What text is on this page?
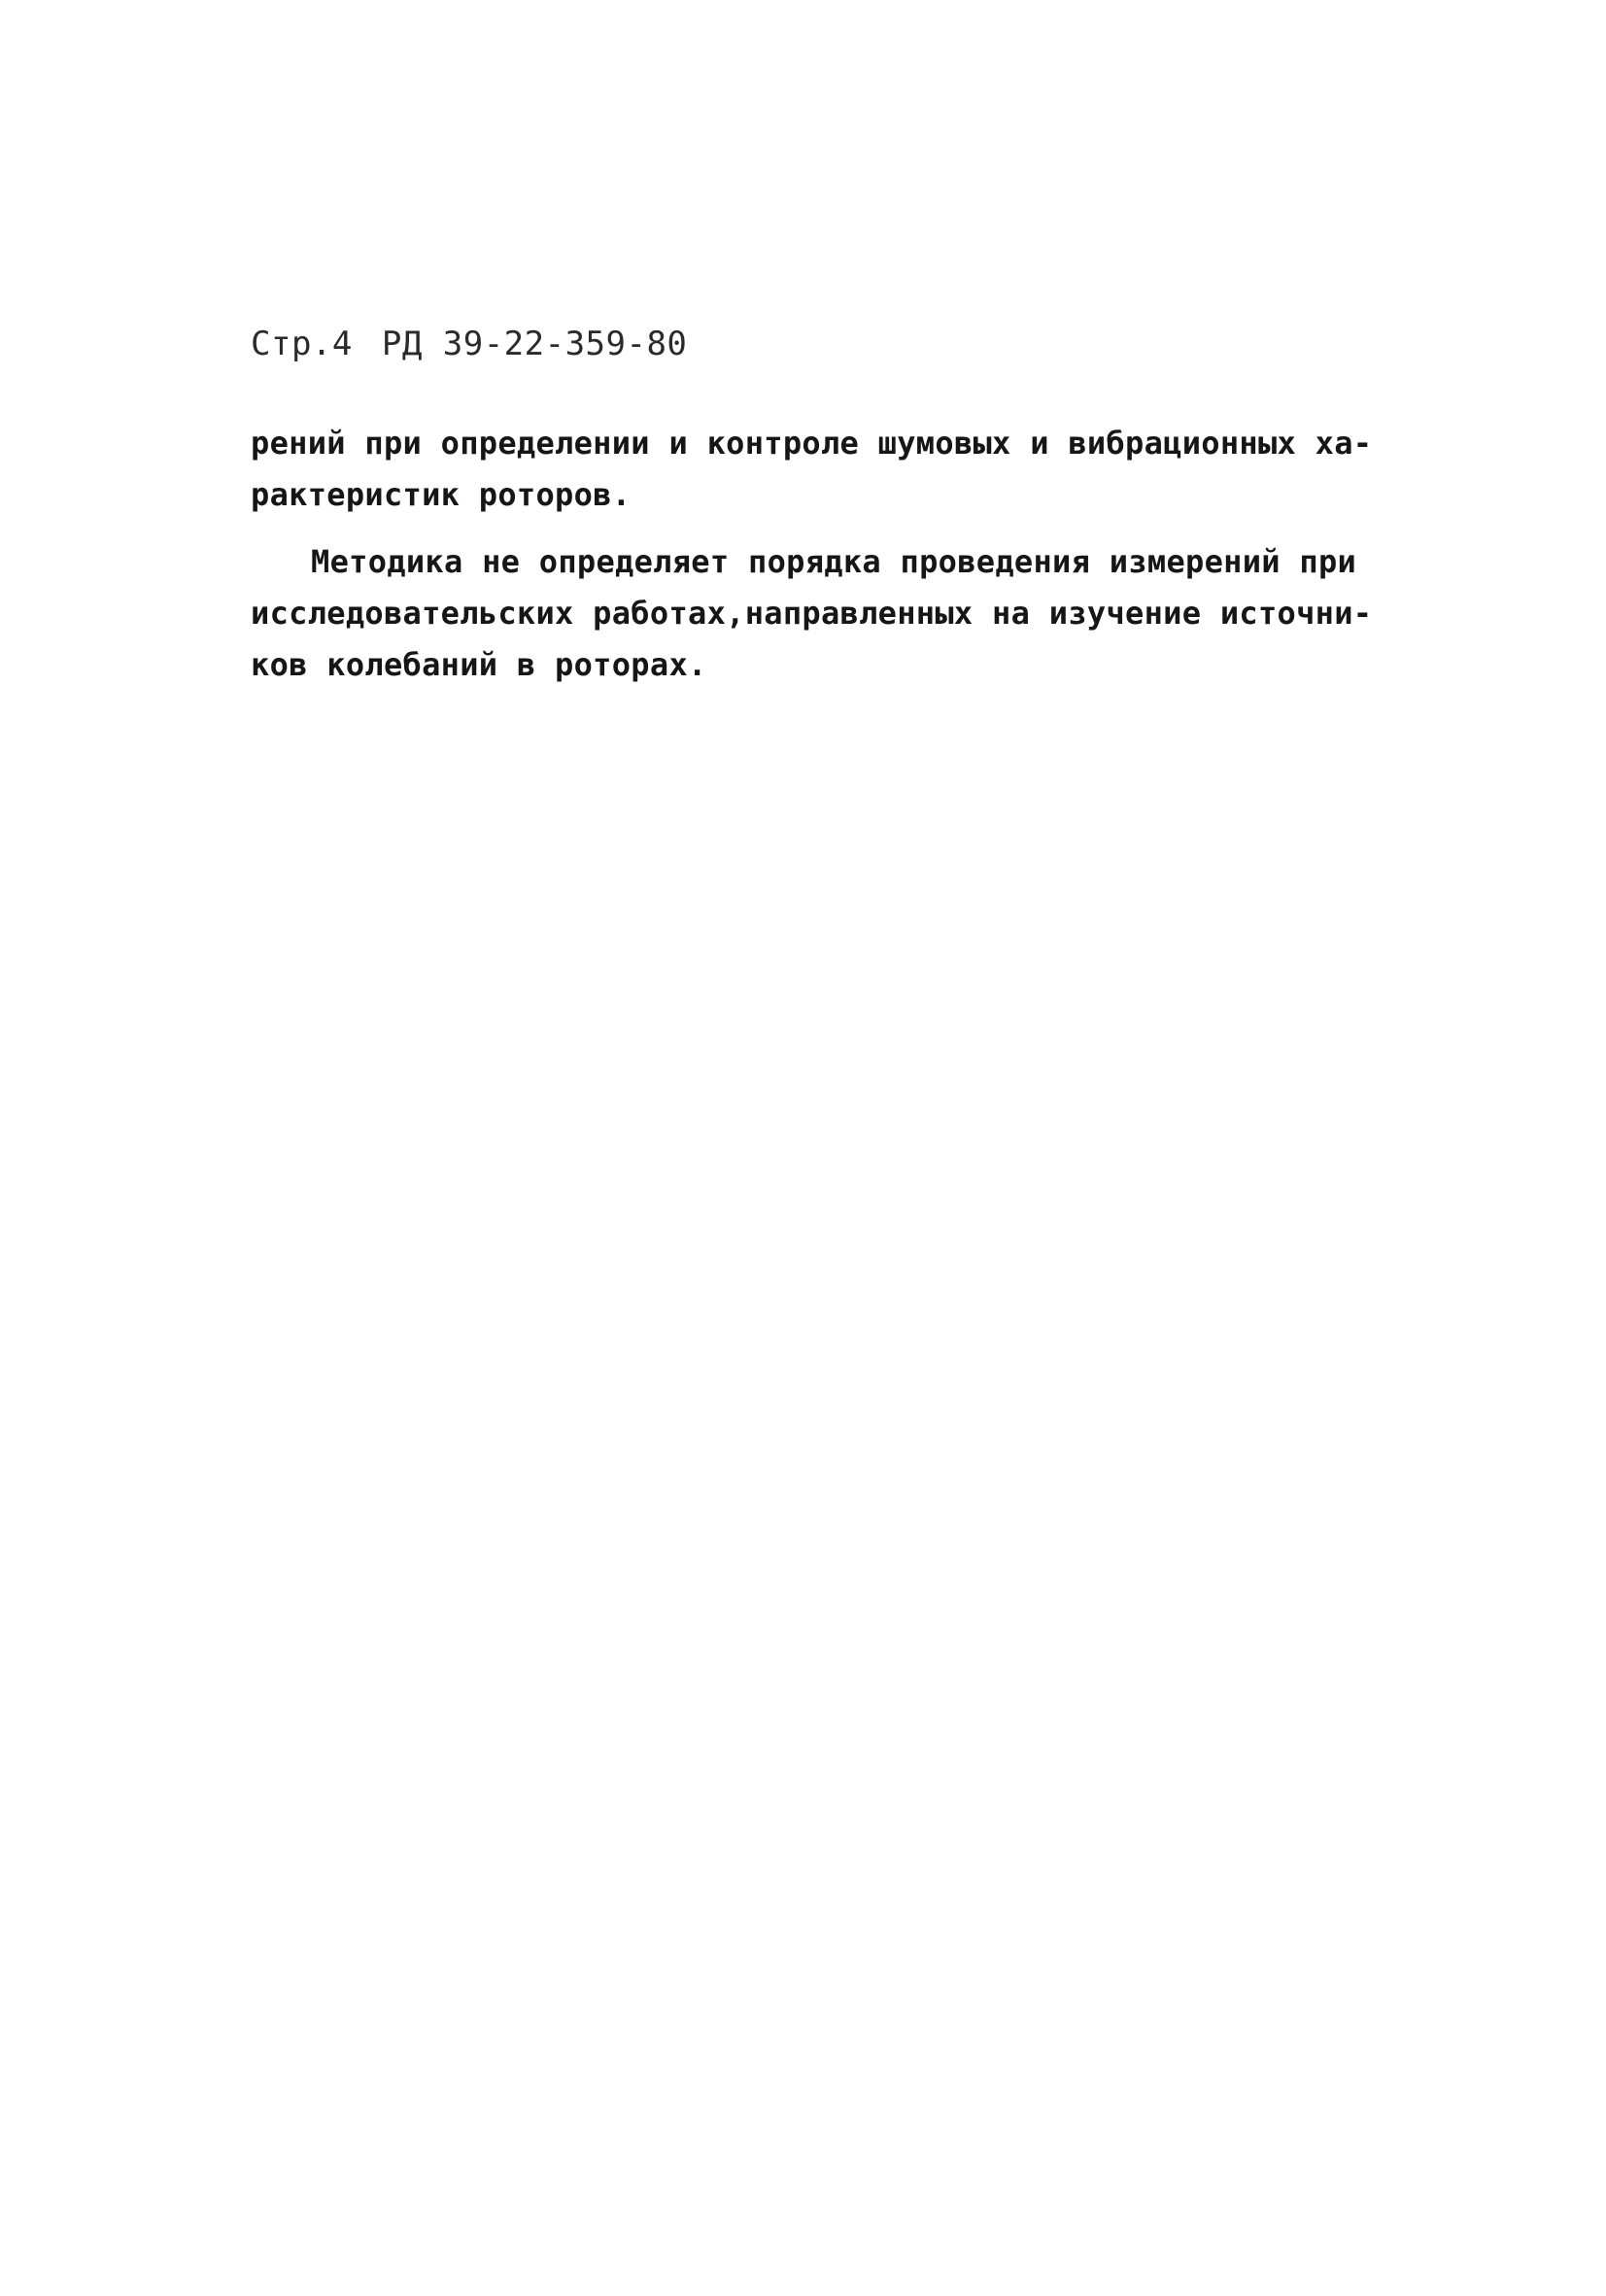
Стр.4 РД 39-22-359-80
рений при определении и контроле шумовых и вибрационных ха-
рактеристик роторов.
Методика не определяет порядка проведения измерений при
исследовательских работах,направленных на изучение источни-
ков колебаний в роторах.
